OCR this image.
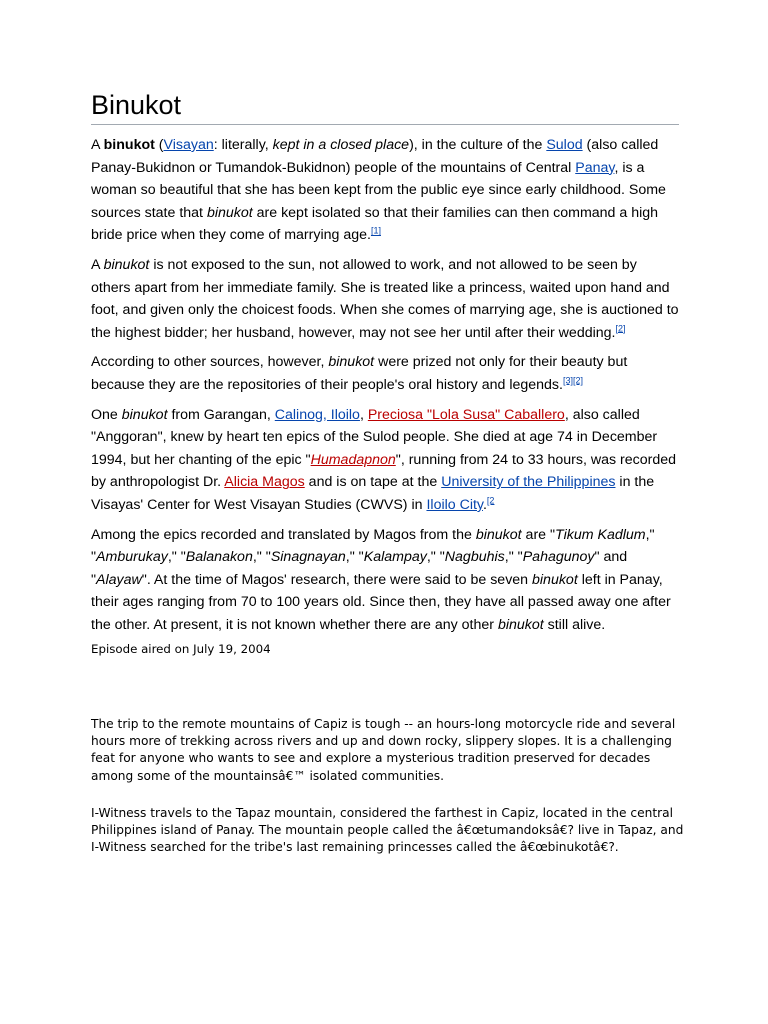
Binukot

A binukot (Visayan: literally, kept in a closed place), in the culture of the Sulod (also called Panay-Bukidnon or Tumandok-Bukidnon) people of the mountains of Central Panay, is a woman so beautiful that she has been kept from the public eye since early childhood. Some sources state that binukot are kept isolated so that their families can then command a high bride price when they come of marrying age.[1]

A binukot is not exposed to the sun, not allowed to work, and not allowed to be seen by others apart from her immediate family. She is treated like a princess, waited upon hand and foot, and given only the choicest foods. When she comes of marrying age, she is auctioned to the highest bidder; her husband, however, may not see her until after their wedding.[2]

According to other sources, however, binukot were prized not only for their beauty but because they are the repositories of their people's oral history and legends.[3][2]

One binukot from Garangan, Calinog, Iloilo, Preciosa "Lola Susa" Caballero, also called "Anggoran", knew by heart ten epics of the Sulod people. She died at age 74 in December 1994, but her chanting of the epic "Humadapnon", running from 24 to 33 hours, was recorded by anthropologist Dr. Alicia Magos and is on tape at the University of the Philippines in the Visayas' Center for West Visayan Studies (CWVS) in Iloilo City.$^{[2}$

Among the epics recorded and translated by Magos from the binukot are "Tikum Kadlum," "Amburukay," "Balanakon," "Sinagnayan," "Kalampay," "Nagbuhis," "Pahagunoy" and "Alayaw". At the time of Magos' research, there were said to be seven binukot left in Panay, their ages ranging from 70 to 100 years old. Since then, they have all passed away one after the other. At present, it is not known whether there are any other binukot still alive.

Episode aired on July 19, 2004

The trip to the remote mountains of Capiz is tough -- an hours-long motorcycle ride and several hours more of trekking across rivers and up and down rocky, slippery slopes. It is a challenging feat for anyone who wants to see and explore a mysterious tradition preserved for decades among some of the mountainsâ€™ isolated communities.

I-Witness travels to the Tapaz mountain, considered the farthest in Capiz, located in the central Philippines island of Panay. The mountain people called the â€œtumandoksâ€? live in Tapaz, and I-Witness searched for the tribe's last remaining princesses called the â€œbinukotâ€?.
